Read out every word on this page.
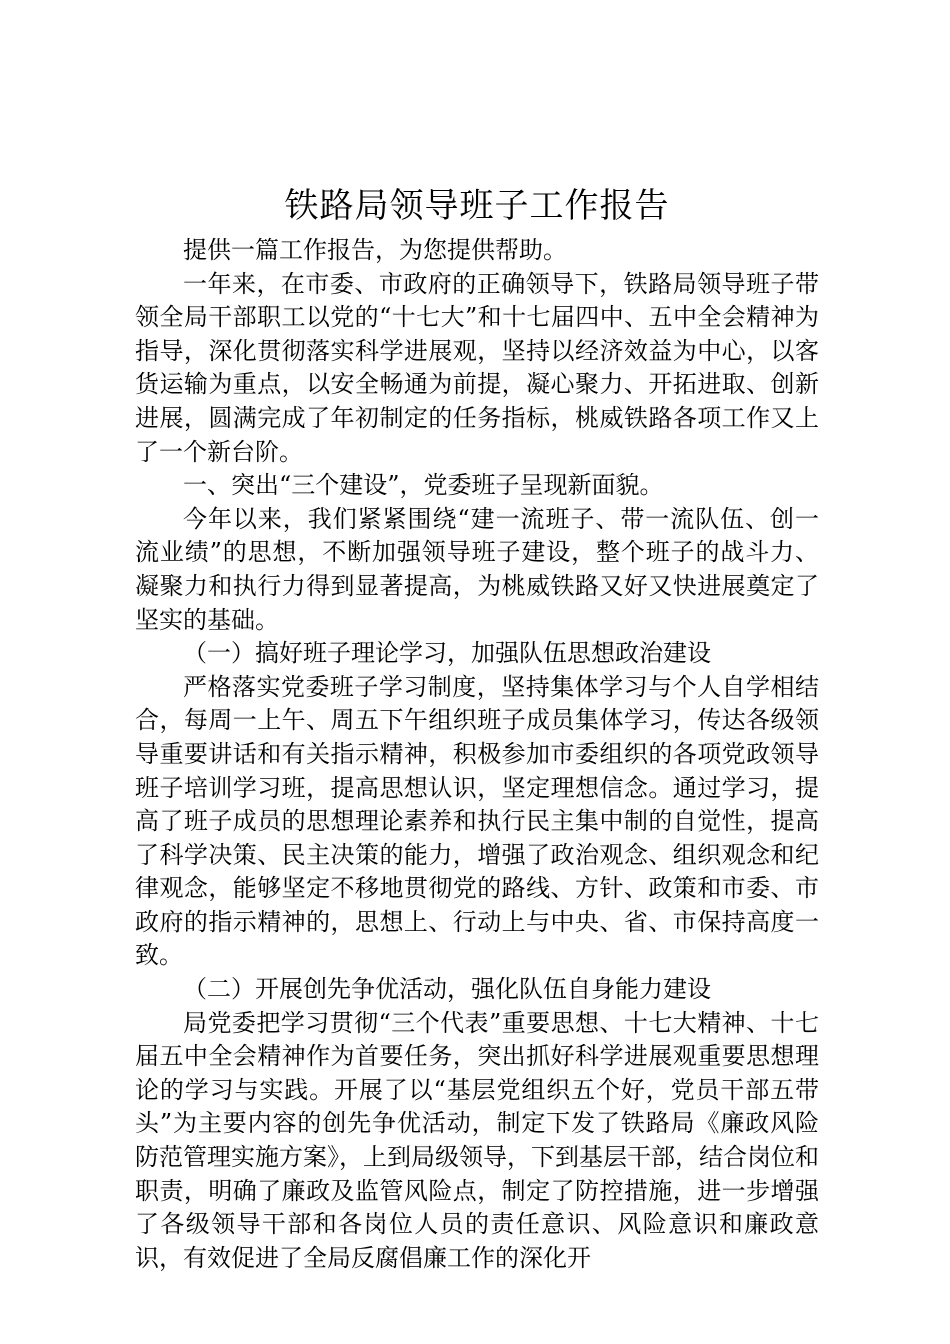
铁路局领导班子工作报告

提供一篇工作报告，为您提供帮助。

一年来，在市委、市政府的正确领导下，铁路局领导班子带领全局干部职工以党的“十七大”和十七届四中、五中全会精神为指导，深化贯彻落实科学进展观，坚持以经济效益为中心，以客货运输为重点，以安全畅通为前提，凝心聚力、开拓进取、创新进展，圆满完成了年初制定的任务指标，桃威铁路各项工作又上了一个新台阶。

一、突出“三个建设”，党委班子呈现新面貌。

今年以来，我们紧紧围绕“建一流班子、带一流队伍、创一流业绩”的思想，不断加强领导班子建设，整个班子的战斗力、凝聚力和执行力得到显著提高，为桃威铁路又好又快进展奠定了坚实的基础。

（一）搞好班子理论学习，加强队伍思想政治建设

严格落实党委班子学习制度，坚持集体学习与个人自学相结合，每周一上午、周五下午组织班子成员集体学习，传达各级领导重要讲话和有关指示精神，积极参加市委组织的各项党政领导班子培训学习班，提高思想认识，坚定理想信念。通过学习，提高了班子成员的思想理论素养和执行民主集中制的自觉性，提高了科学决策、民主决策的能力，增强了政治观念、组织观念和纪律观念，能够坚定不移地贯彻党的路线、方针、政策和市委、市政府的指示精神的，思想上、行动上与中央、省、市保持高度一致。

（二）开展创先争优活动，强化队伍自身能力建设

局党委把学习贯彻“三个代表”重要思想、十七大精神、十七届五中全会精神作为首要任务，突出抓好科学进展观重要思想理论的学习与实践。开展了以“基层党组织五个好，党员干部五带头”为主要内容的创先争优活动，制定下发了铁路局《廉政风险防范管理实施方案》，上到局级领导，下到基层干部，结合岗位和职责，明确了廉政及监管风险点，制定了防控措施，进一步增强了各级领导干部和各岗位人员的责任意识、风险意识和廉政意识，有效促进了全局反腐倡廉工作的深化开
